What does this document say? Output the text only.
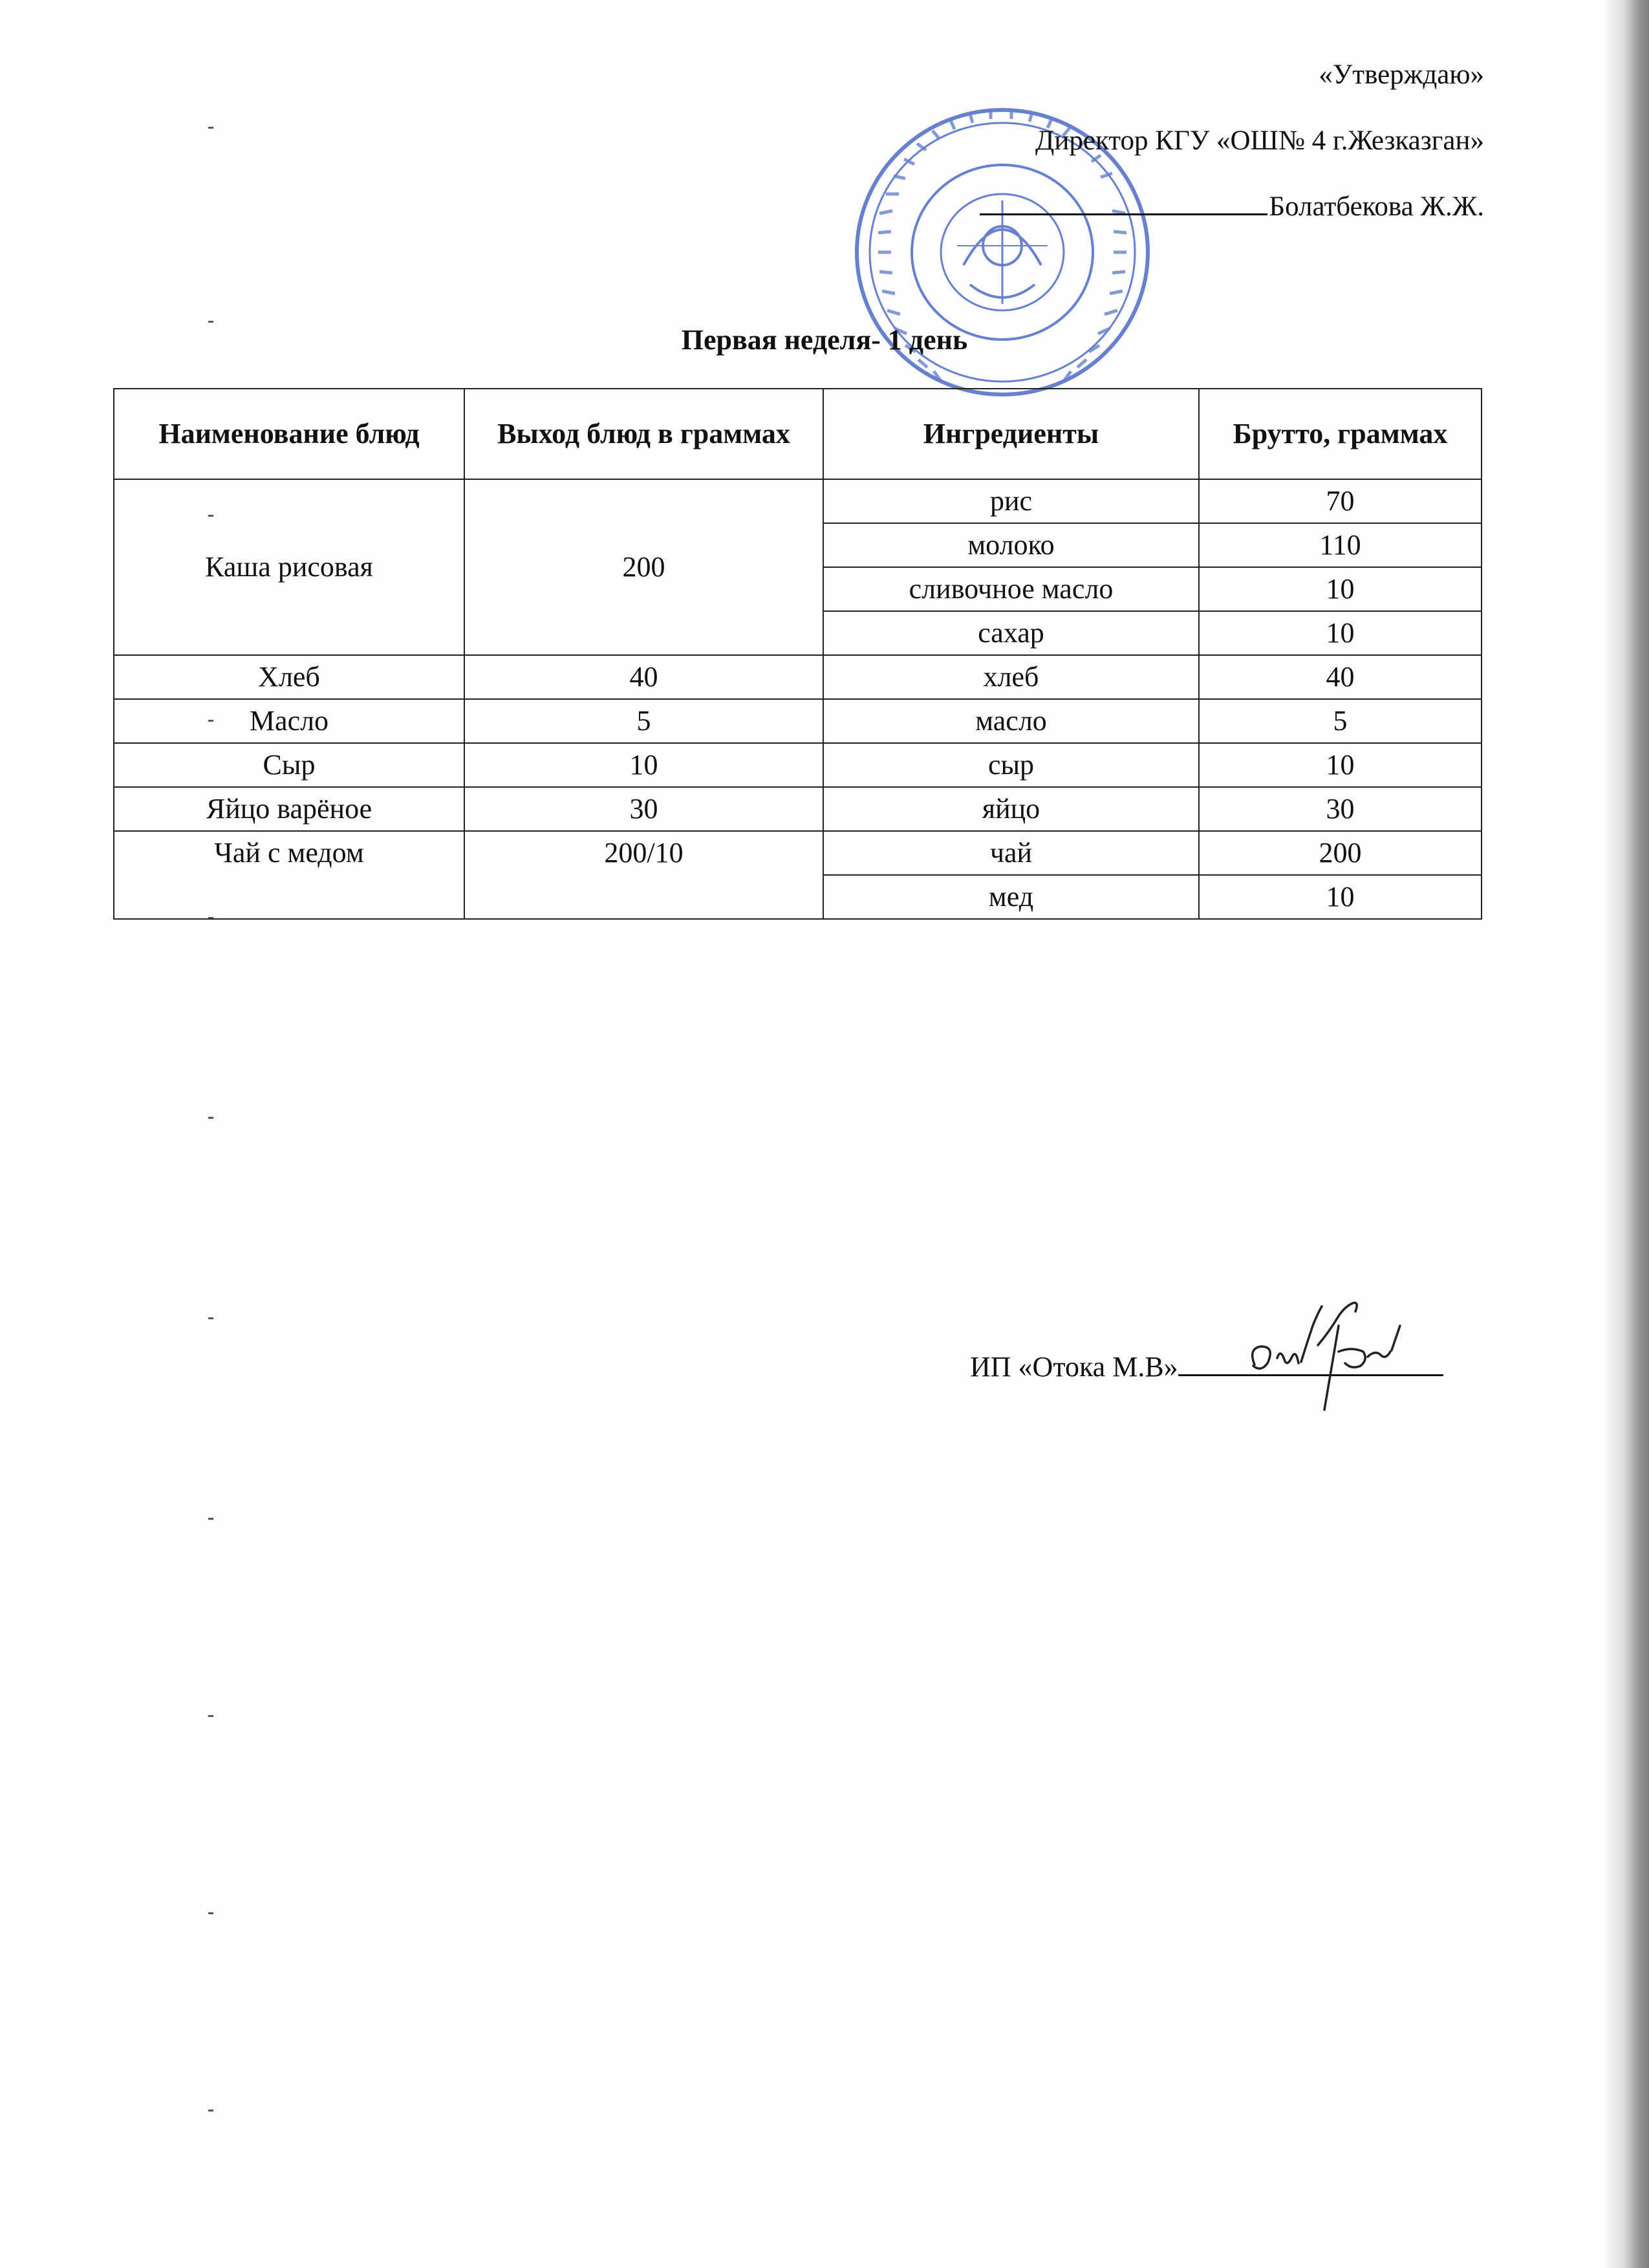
«Утверждаю»
Директор КГУ «ОШ№ 4 г.Жезказган»
Болатбекова Ж.Ж.
Первая неделя- 1 день
Наименование блюд	Выход блюд в граммах	Ингредиенты	Брутто, граммах
Каша рисовая	200	рис	70
		молоко	110
		сливочное масло	10
		сахар	10
Хлеб	40	хлеб	40
Масло	5	масло	5
Сыр	10	сыр	10
Яйцо варёное	30	яйцо	30
Чай с медом	200/10	чай	200
		мед	10
ИП «Отока М.В»
